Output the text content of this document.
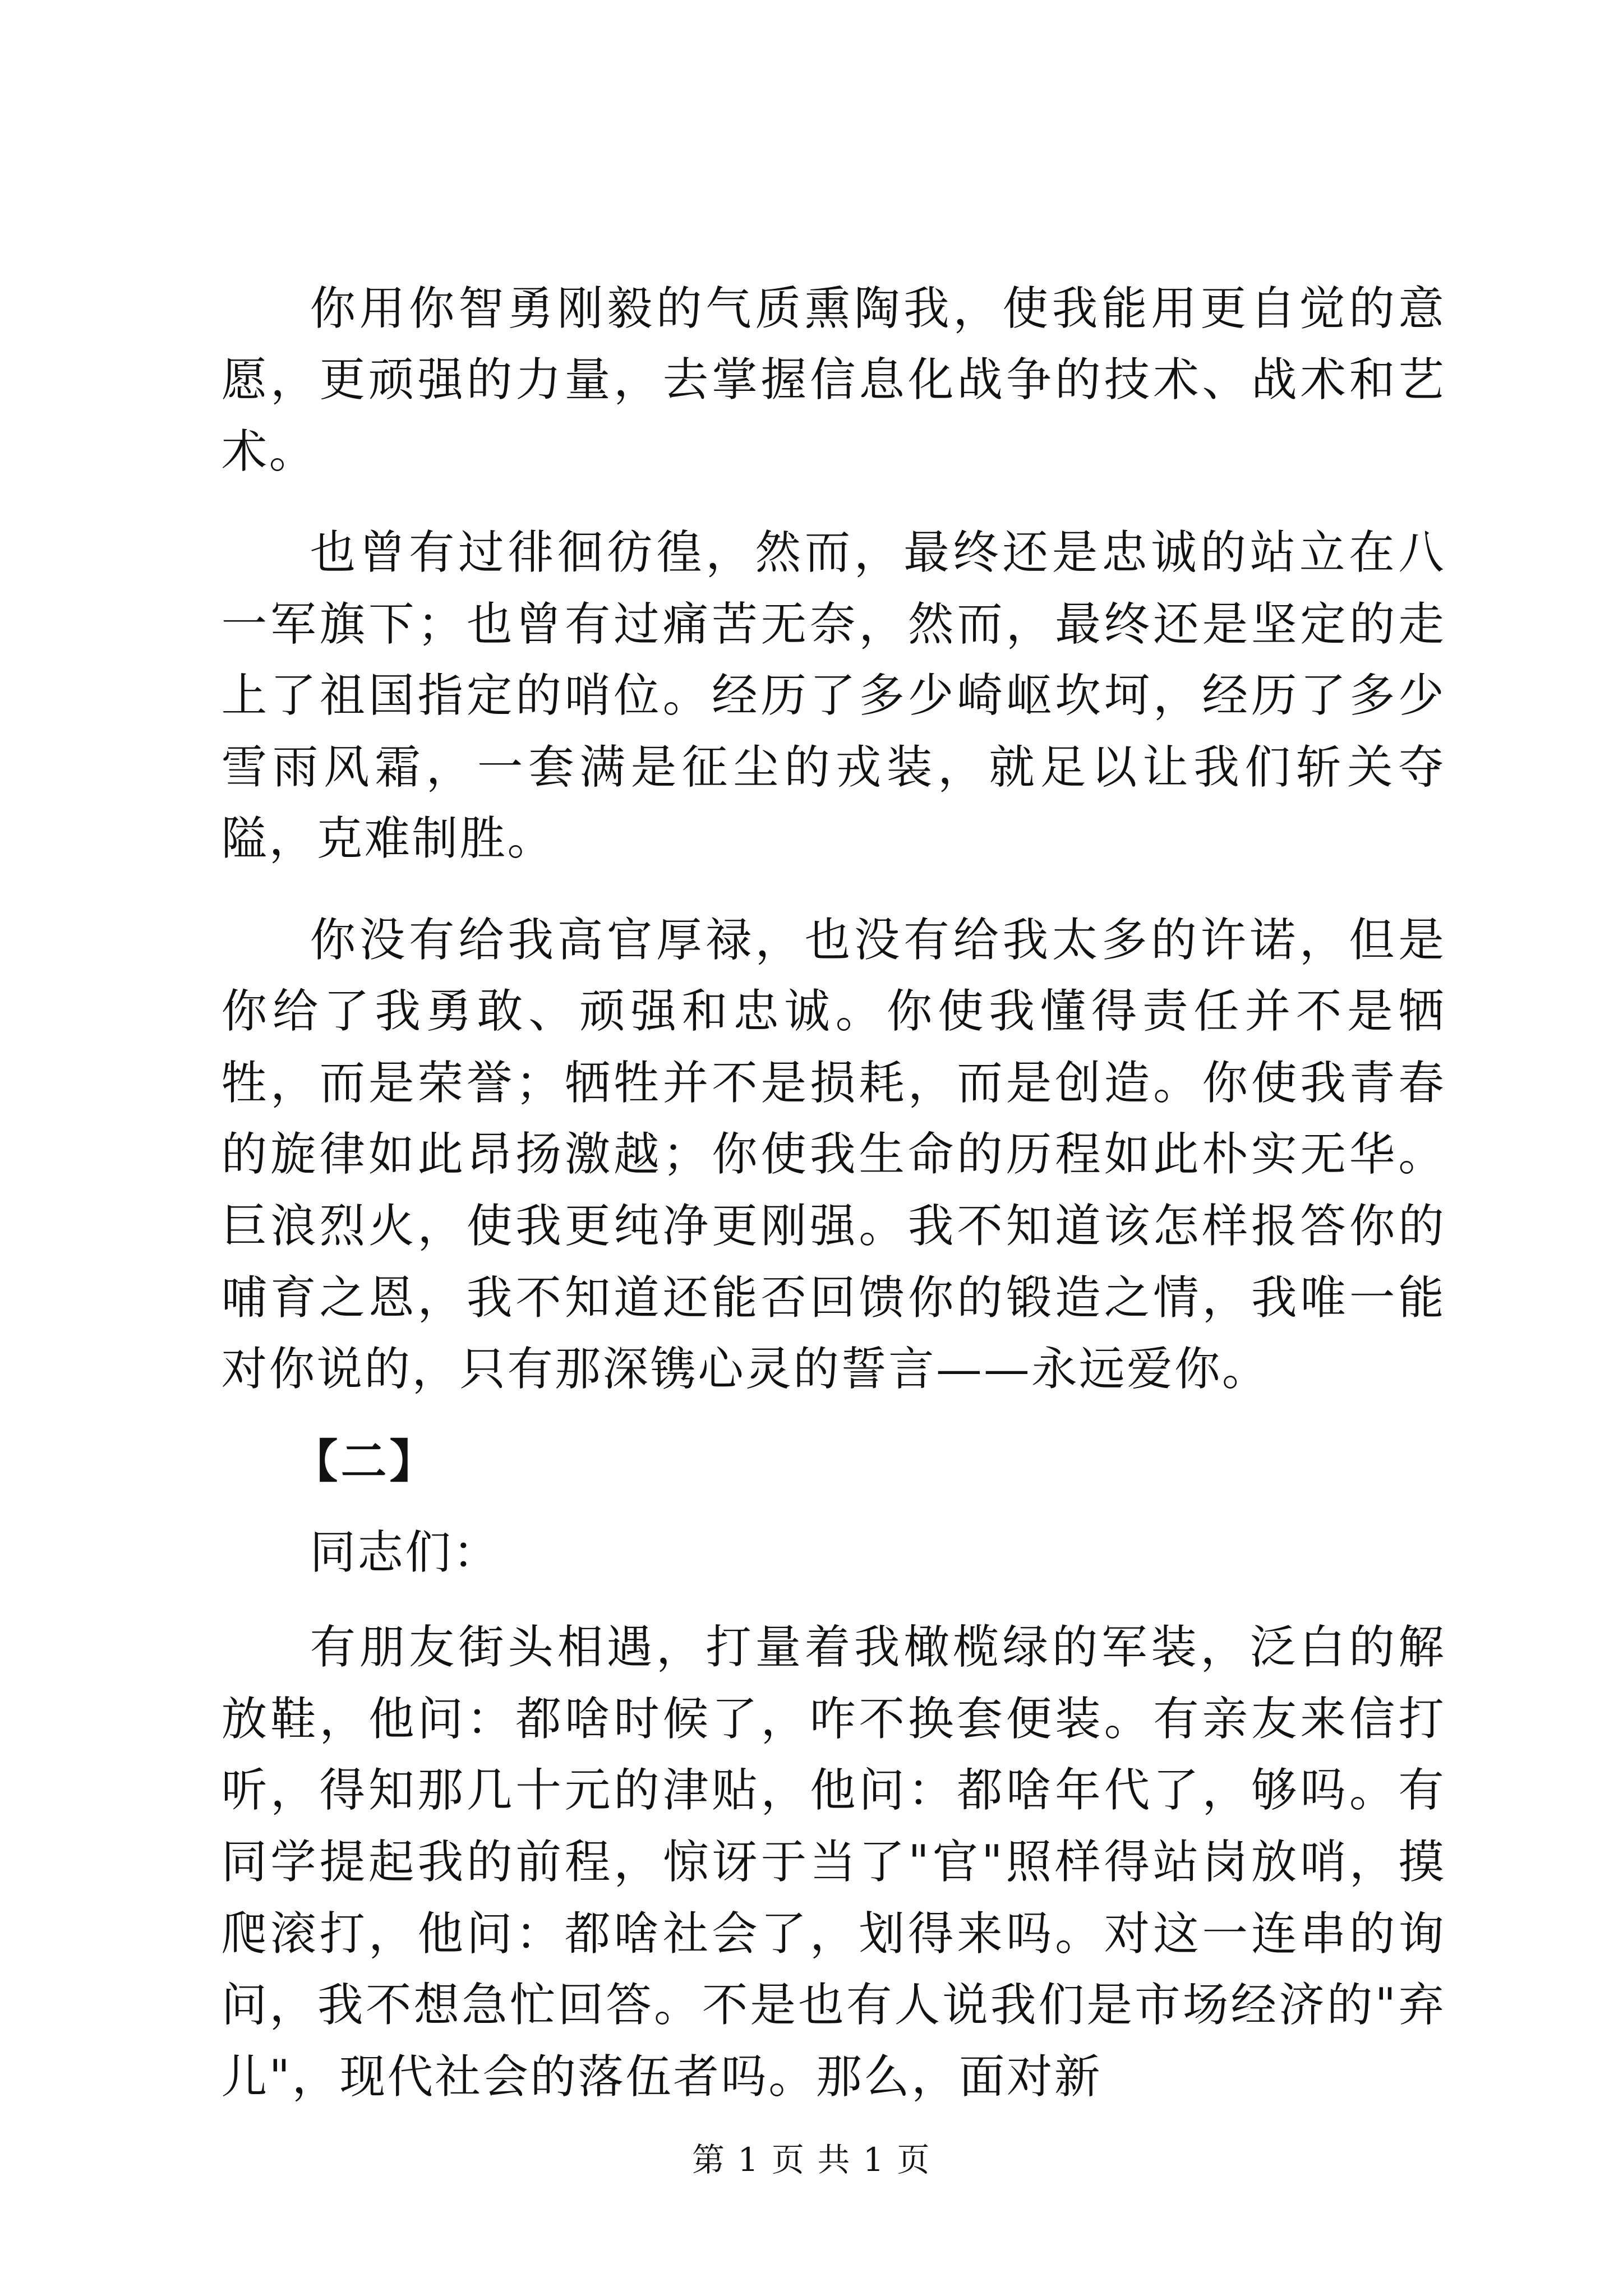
你用你智勇刚毅的气质熏陶我，使我能用更自觉的意愿，更顽强的力量，去掌握信息化战争的技术、战术和艺术。

也曾有过徘徊彷徨，然而，最终还是忠诚的站立在八一军旗下；也曾有过痛苦无奈，然而，最终还是坚定的走上了祖国指定的哨位。经历了多少崎岖坎坷，经历了多少雪雨风霜，一套满是征尘的戎装，就足以让我们斩关夺隘，克难制胜。

你没有给我高官厚禄，也没有给我太多的许诺，但是你给了我勇敢、顽强和忠诚。你使我懂得责任并不是牺牲，而是荣誉；牺牲并不是损耗，而是创造。你使我青春的旋律如此昂扬激越；你使我生命的历程如此朴实无华。巨浪烈火，使我更纯净更刚强。我不知道该怎样报答你的哺育之恩，我不知道还能否回馈你的锻造之情，我唯一能对你说的，只有那深镌心灵的誓言——永远爱你。

【二】

同志们：

有朋友街头相遇，打量着我橄榄绿的军装，泛白的解放鞋，他问：都啥时候了，咋不换套便装。有亲友来信打听，得知那几十元的津贴，他问：都啥年代了，够吗。有同学提起我的前程，惊讶于当了"官"照样得站岗放哨，摸爬滚打，他问：都啥社会了，划得来吗。对这一连串的询问，我不想急忙回答。不是也有人说我们是市场经济的"弃儿"，现代社会的落伍者吗。那么，面对新

第 1 页 共 1 页
